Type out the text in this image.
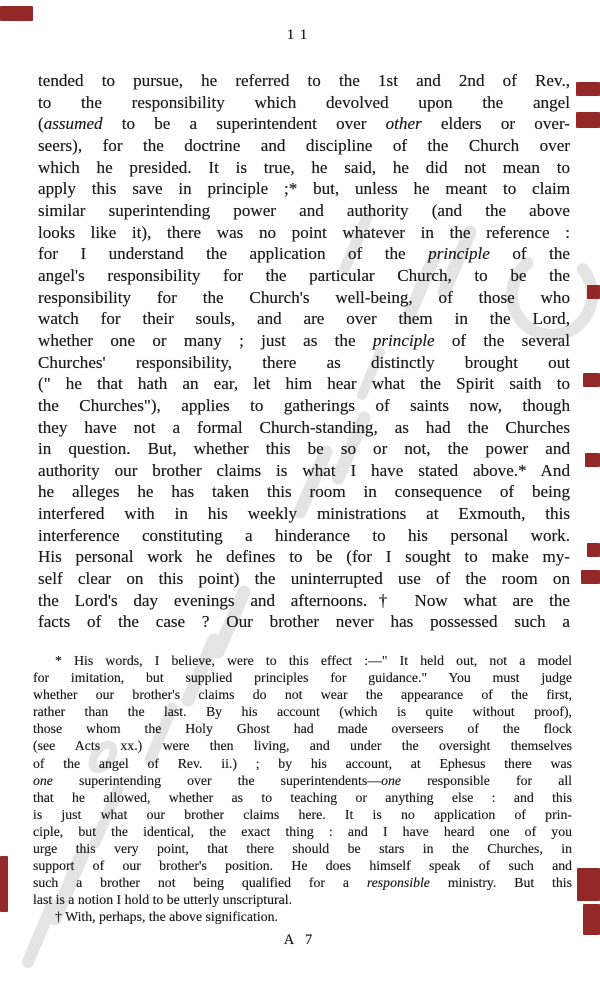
11
tended to pursue, he referred to the 1st and 2nd of Rev.,
to the responsibility which devolved upon the angel
(assumed to be a superintendent over other elders or over-
seers), for the doctrine and discipline of the Church over
which he presided. It is true, he said, he did not mean to
apply this save in principle ;* but, unless he meant to claim
similar superintending power and authority (and the above
looks like it), there was no point whatever in the reference :
for I understand the application of the principle of the
angel's responsibility for the particular Church, to be the
responsibility for the Church's well-being, of those who
watch for their souls, and are over them in the Lord,
whether one or many ; just as the principle of the several
Churches' responsibility, there as distinctly brought out
(" he that hath an ear, let him hear what the Spirit saith to
the Churches"), applies to gatherings of saints now, though
they have not a formal Church-standing, as had the Churches
in question. But, whether this be so or not, the power and
authority our brother claims is what I have stated above.* And
he alleges he has taken this room in consequence of being
interfered with in his weekly ministrations at Exmouth, this
interference constituting a hinderance to his personal work.
His personal work he defines to be (for I sought to make my-
self clear on this point) the uninterrupted use of the room on
the Lord's day evenings and afternoons.† Now what are the
facts of the case ? Our brother never has possessed such a
* His words, I believe, were to this effect :—" It held out, not a model
for imitation, but supplied principles for guidance." You must judge
whether our brother's claims do not wear the appearance of the first,
rather than the last. By his account (which is quite without proof),
those whom the Holy Ghost had made overseers of the flock
(see Acts xx.) were then living, and under the oversight themselves
of the angel of Rev. ii.) ; by his account, at Ephesus there was
one superintending over the superintendents—one responsible for all
that he allowed, whether as to teaching or anything else : and this
is just what our brother claims here. It is no application of prin-
ciple, but the identical, the exact thing : and I have heard one of you
urge this very point, that there should be stars in the Churches, in
support of our brother's position. He does himself speak of such and
such a brother not being qualified for a responsible ministry. But this
last is a notion I hold to be utterly unscriptural.
† With, perhaps, the above signification.
A 7
